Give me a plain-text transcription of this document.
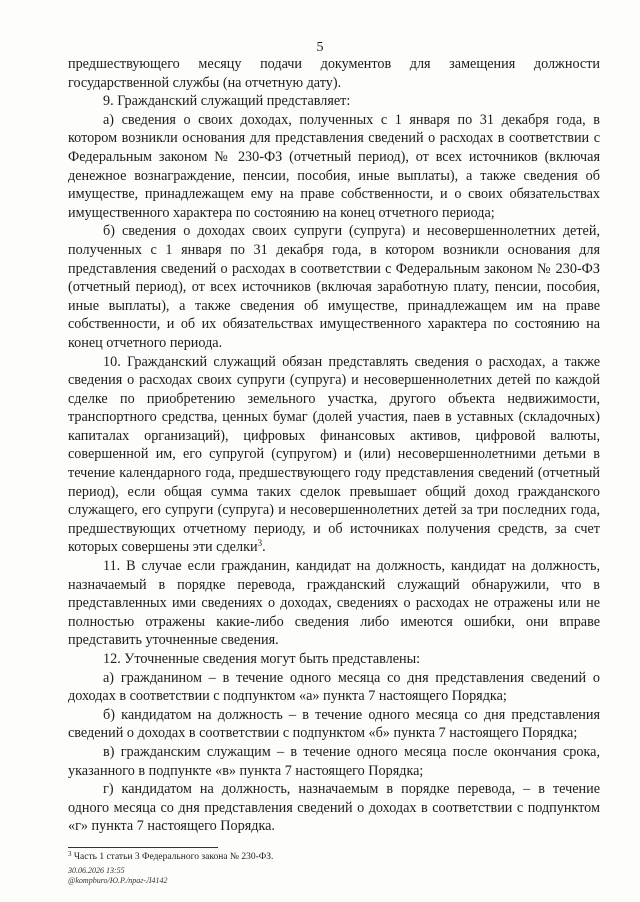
5

предшествующего месяцу подачи документов для замещения должности государственной службы (на отчетную дату).

9. Гражданский служащий представляет:

а) сведения о своих доходах, полученных с 1 января по 31 декабря года, в котором возникли основания для представления сведений о расходах в соответствии с Федеральным законом № 230-ФЗ (отчетный период), от всех источников (включая денежное вознаграждение, пенсии, пособия, иные выплаты), а также сведения об имуществе, принадлежащем ему на праве собственности, и о своих обязательствах имущественного характера по состоянию на конец отчетного периода;

б) сведения о доходах своих супруги (супруга) и несовершеннолетних детей, полученных с 1 января по 31 декабря года, в котором возникли основания для представления сведений о расходах в соответствии с Федеральным законом № 230-ФЗ (отчетный период), от всех источников (включая заработную плату, пенсии, пособия, иные выплаты), а также сведения об имуществе, принадлежащем им на праве собственности, и об их обязательствах имущественного характера по состоянию на конец отчетного периода.

10. Гражданский служащий обязан представлять сведения о расходах, а также сведения о расходах своих супруги (супруга) и несовершеннолетних детей по каждой сделке по приобретению земельного участка, другого объекта недвижимости, транспортного средства, ценных бумаг (долей участия, паев в уставных (складочных) капиталах организаций), цифровых финансовых активов, цифровой валюты, совершенной им, его супругой (супругом) и (или) несовершеннолетними детьми в течение календарного года, предшествующего году представления сведений (отчетный период), если общая сумма таких сделок превышает общий доход гражданского служащего, его супруги (супруга) и несовершеннолетних детей за три последних года, предшествующих отчетному периоду, и об источниках получения средств, за счет которых совершены эти сделки$^3$.

11. В случае если гражданин, кандидат на должность, кандидат на должность, назначаемый в порядке перевода, гражданский служащий обнаружили, что в представленных ими сведениях о доходах, сведениях о расходах не отражены или не полностью отражены какие-либо сведения либо имеются ошибки, они вправе представить уточненные сведения.

12. Уточненные сведения могут быть представлены:

а) гражданином – в течение одного месяца со дня представления сведений о доходах в соответствии с подпунктом «а» пункта 7 настоящего Порядка;

б) кандидатом на должность – в течение одного месяца со дня представления сведений о доходах в соответствии с подпунктом «б» пункта 7 настоящего Порядка;

в) гражданским служащим – в течение одного месяца после окончания срока, указанного в подпункте «в» пункта 7 настоящего Порядка;

г) кандидатом на должность, назначаемым в порядке перевода, – в течение одного месяца со дня представления сведений о доходах в соответствии с подпунктом «г» пункта 7 настоящего Порядка.

$^3$ Часть 1 статьи 3 Федерального закона № 230-ФЗ.
30.06.2026 13:55
@kompburo/Ю.Р./праг-Л4142
